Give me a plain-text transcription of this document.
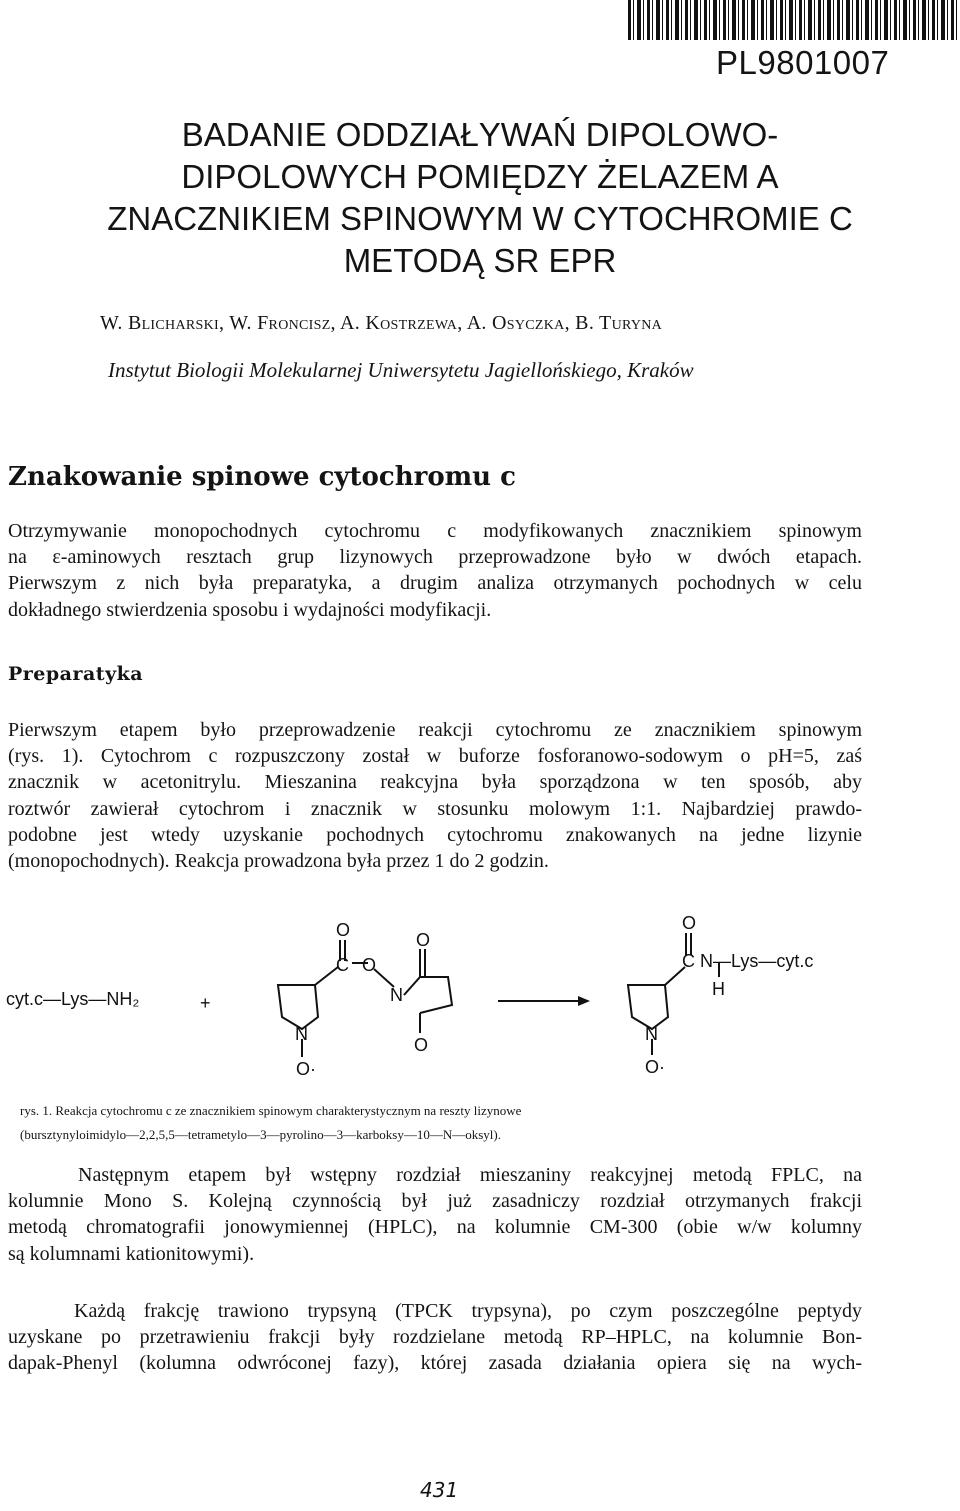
PL9801007
BADANIE ODDZIAŁYWAŃ DIPOLOWO-
DIPOLOWYCH POMIĘDZY ŻELAZEM A
ZNACZNIKIEM SPINOWYM W CYTOCHROMIE C
METODĄ SR EPR
W. Blicharski, W. Froncisz, A. Kostrzewa, A. Osyczka, B. Turyna
Instytut Biologii Molekularnej Uniwersytetu Jagiellońskiego, Kraków
Znakowanie spinowe cytochromu c
Otrzymywanie monopochodnych cytochromu c modyfikowanych znacznikiem spinowym
na ε-aminowych resztach grup lizynowych przeprowadzone było w dwóch etapach.
Pierwszym z nich była preparatyka, a drugim analiza otrzymanych pochodnych w celu
dokładnego stwierdzenia sposobu i wydajności modyfikacji.
Preparatyka
Pierwszym etapem było przeprowadzenie reakcji cytochromu ze znacznikiem spinowym
(rys. 1). Cytochrom c rozpuszczony został w buforze fosforanowo-sodowym o pH=5, zaś
znacznik w acetonitrylu. Mieszanina reakcyjna była sporządzona w ten sposób, aby
roztwór zawierał cytochrom i znacznik w stosunku molowym 1:1. Najbardziej prawdo-
podobne jest wtedy uzyskanie pochodnych cytochromu znakowanych na jedne lizynie
(monopochodnych). Reakcja prowadzona była przez 1 do 2 godzin.
cyt.c—Lys—NH₂	+
O
C O
O
N
N
O·
O
O
C N—Lys—cyt.c
H
N
O·
rys. 1. Reakcja cytochromu c ze znacznikiem spinowym charakterystycznym na reszty lizynowe
(bursztynyloimidylo—2,2,5,5—tetrametylo—3—pyrolino—3—karboksy—10—N—oksyl).
Następnym etapem był wstępny rozdział mieszaniny reakcyjnej metodą FPLC, na
kolumnie Mono S. Kolejną czynnością był już zasadniczy rozdział otrzymanych frakcji
metodą chromatografii jonowymiennej (HPLC), na kolumnie CM-300 (obie w/w kolumny
są kolumnami kationitowymi).
Każdą frakcję trawiono trypsyną (TPCK trypsyna), po czym poszczególne peptydy
uzyskane po przetrawieniu frakcji były rozdzielane metodą RP–HPLC, na kolumnie Bon-
dapak-Phenyl (kolumna odwróconej fazy), której zasada działania opiera się na wych-
431
